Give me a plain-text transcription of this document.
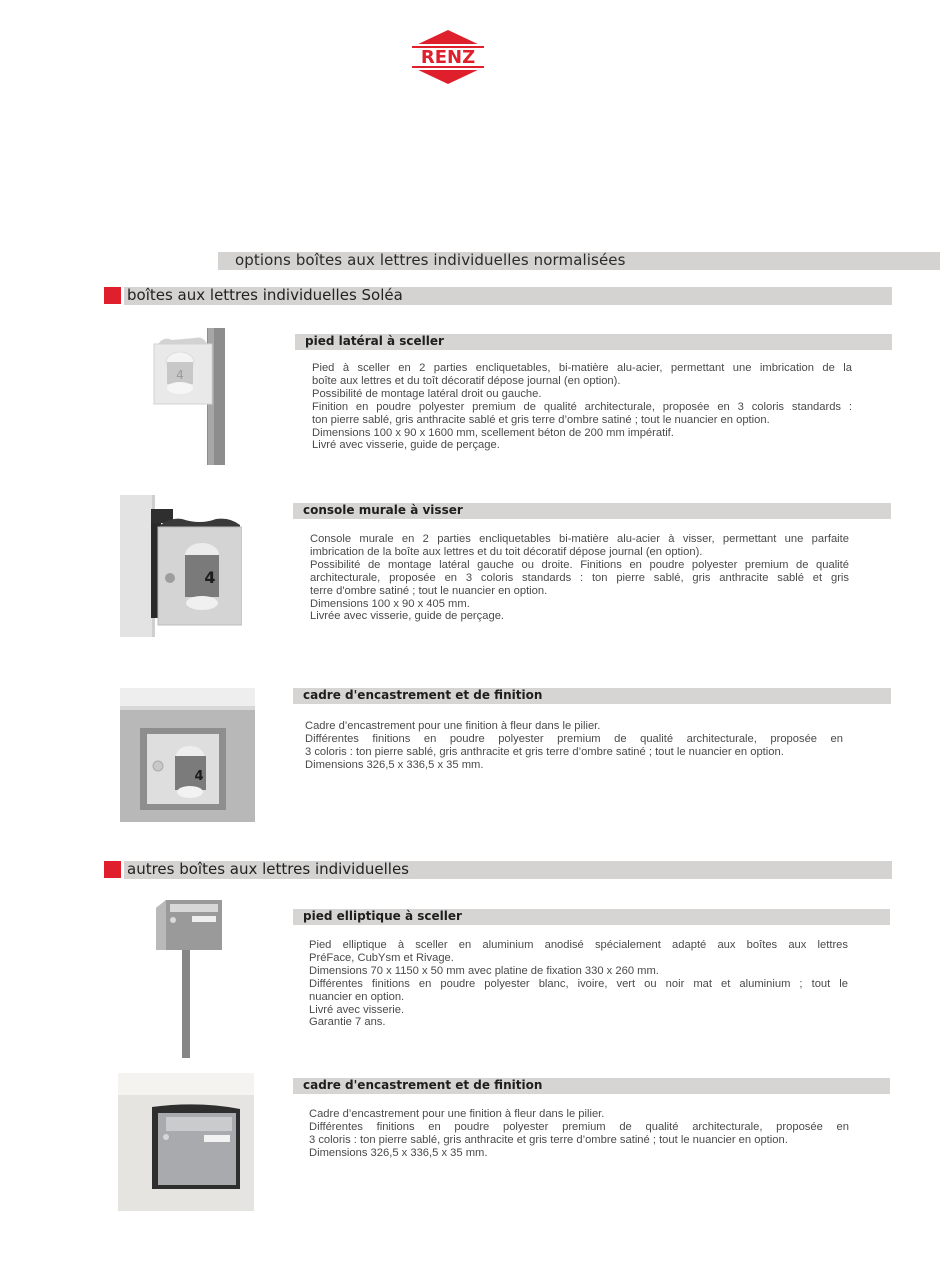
RENZ
options boîtes aux lettres individuelles normalisées
boîtes aux lettres individuelles Soléa
4
pied latéral à sceller
Pied à sceller en 2 parties encliquetables, bi-matière alu-acier, permettant une imbrication de la
boîte aux lettres et du toît décoratif dépose journal (en option).
Possibilité de montage latéral droit ou gauche.
Finition en poudre polyester premium de qualité architecturale, proposée en 3 coloris standards :
ton pierre sablé, gris anthracite sablé et gris terre d’ombre satiné ; tout le nuancier en option.
Dimensions 100 x 90 x 1600 mm, scellement béton de 200 mm impératif.
Livré avec visserie, guide de perçage.
4
console murale à visser
Console murale en 2 parties encliquetables bi-matière alu-acier à visser, permettant une parfaite
imbrication de la boîte aux lettres et du toit décoratif dépose journal (en option).
Possibilité de montage latéral gauche ou droite. Finitions en poudre polyester premium de qualité
architecturale, proposée en 3 coloris standards : ton pierre sablé, gris anthracite sablé et gris
terre d'ombre satiné ; tout le nuancier en option.
Dimensions 100 x 90 x 405 mm.
Livrée avec visserie, guide de perçage.
4
cadre d'encastrement et de finition
Cadre d’encastrement pour une finition à fleur dans le pilier.
Différentes finitions en poudre polyester premium de qualité architecturale, proposée en
3 coloris : ton pierre sablé, gris anthracite et gris terre d’ombre satiné ; tout le nuancier en option.
Dimensions 326,5 x 336,5 x 35 mm.
autres boîtes aux lettres individuelles
pied elliptique à sceller
Pied elliptique à sceller en aluminium anodisé spécialement adapté aux boîtes aux lettres
PréFace, CubYsm et Rivage.
Dimensions 70 x 1150 x 50 mm avec platine de fixation 330 x 260 mm.
Différentes finitions en poudre polyester blanc, ivoire, vert ou noir mat et aluminium ; tout le
nuancier en option.
Livré avec visserie.
Garantie 7 ans.
cadre d'encastrement et de finition
Cadre d’encastrement pour une finition à fleur dans le pilier.
Différentes finitions en poudre polyester premium de qualité architecturale, proposée en
3 coloris : ton pierre sablé, gris anthracite et gris terre d’ombre satiné ; tout le nuancier en option.
Dimensions 326,5 x 336,5 x 35 mm.
